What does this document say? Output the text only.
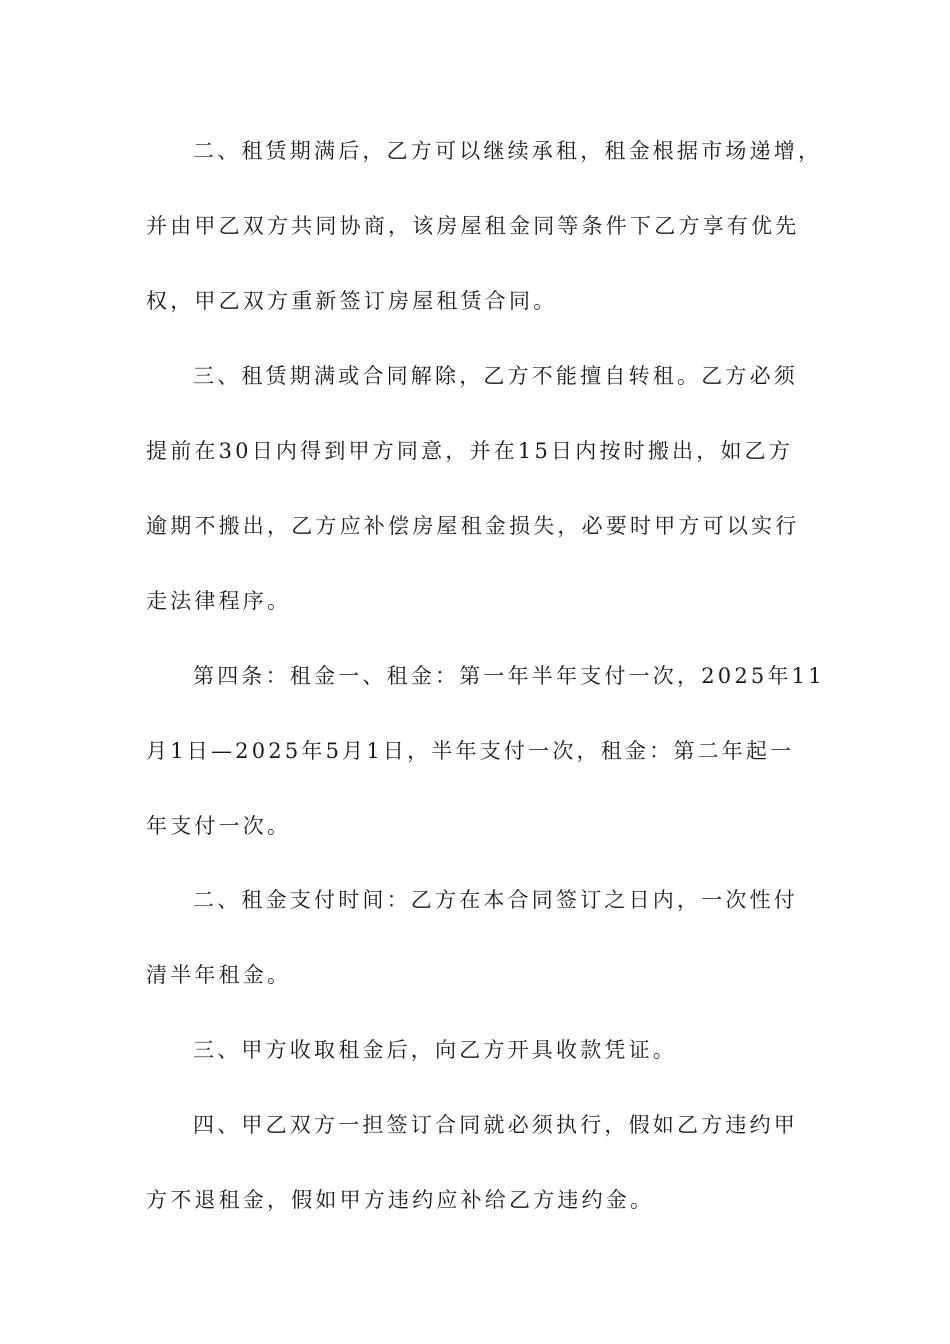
二、租赁期满后，乙方可以继续承租，租金根据市场递增，
并由甲乙双方共同协商，该房屋租金同等条件下乙方享有优先
权，甲乙双方重新签订房屋租赁合同。
三、租赁期满或合同解除，乙方不能擅自转租。乙方必须
提前在30日内得到甲方同意，并在15日内按时搬出，如乙方
逾期不搬出，乙方应补偿房屋租金损失，必要时甲方可以实行
走法律程序。
第四条：租金一、租金：第一年半年支付一次，2025年11
月1日—2025年5月1日，半年支付一次，租金：第二年起一
年支付一次。
二、租金支付时间：乙方在本合同签订之日内，一次性付
清半年租金。
三、甲方收取租金后，向乙方开具收款凭证。
四、甲乙双方一担签订合同就必须执行，假如乙方违约甲
方不退租金，假如甲方违约应补给乙方违约金。
